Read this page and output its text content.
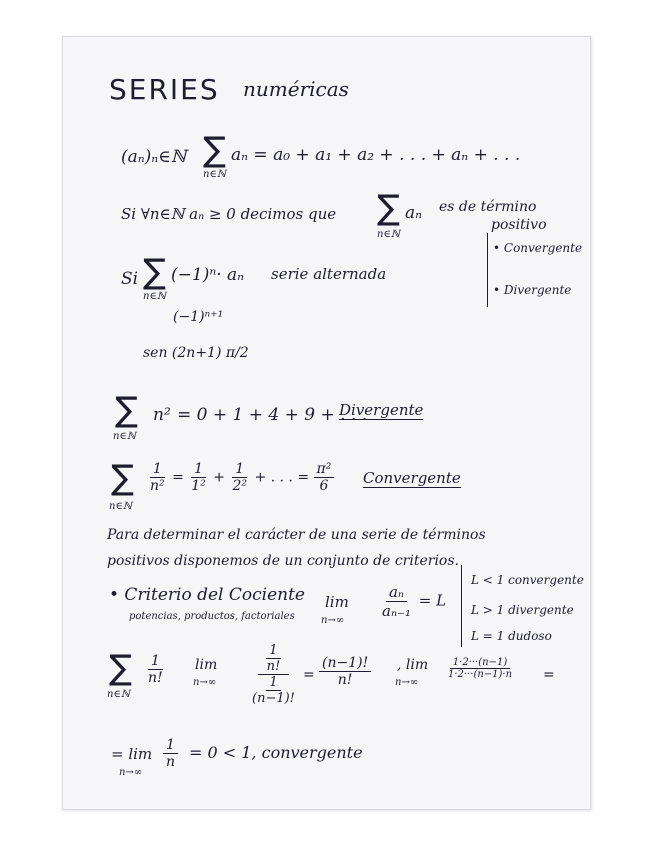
SERIES numéricas
(aₙ)ₙ∈ℕ ∑
n∈ℕ
aₙ = a₀ + a₁ + a₂ + . . . + aₙ + . . .
Si ∀n∈ℕ aₙ ≥ 0 decimos que ∑ aₙ
n∈ℕ
es de término
positivo
Si ∑ (−1)ⁿ· aₙ
n∈ℕ
serie alternada
(−1)ⁿ⁺¹
sen (2n+1) π/2
• Convergente
• Divergente
∑ n² = 0 + 1 + 4 + 9 + . . .
n∈ℕ
Divergente
∑ $\frac{1}{\text{n²}} = \frac{1}{\text{1²}} + \frac{1}{\text{2²}}$ + . . . = $\frac{\text{π²}}{6}$
n∈ℕ
Convergente
Para determinar el carácter de una serie de términos
positivos disponemos de un conjunto de criterios.
• Criterio del Cociente
potencias, productos, factoriales
lim
n→∞
$\frac{\text{aₙ}}{\text{aₙ₋₁}} = L$
L < 1 convergente
L > 1 divergente
L = 1 dudoso
∑
n∈ℕ
$\frac{1}{n!}$ lim
$n\to\infty \frac{\frac{1}{n!}}{\frac{1}{(n-1)!}} = \frac{(n-1)!}{n!}$ , lim
n→∞
$\frac{1\cdot 2\cdot\cdot\cdot(n-1)}{1\cdot 2\cdot\cdot\cdot(n-1)\cdot n}$ =
= lim
n→∞
$\frac{1}{n} = 0 < 1$, convergente
